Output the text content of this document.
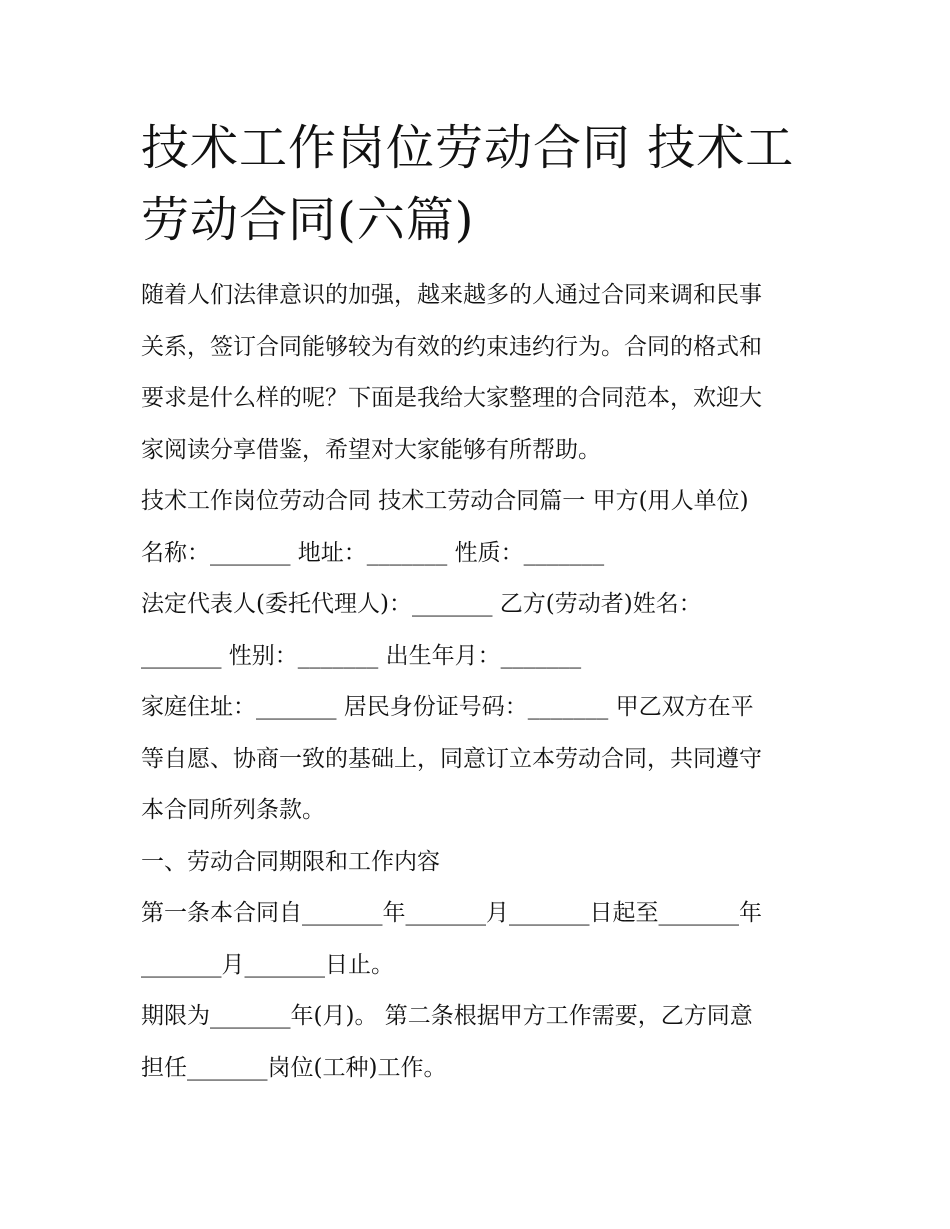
技术工作岗位劳动合同 技术工
劳动合同(六篇)

随着人们法律意识的加强，越来越多的人通过合同来调和民事

关系，签订合同能够较为有效的约束违约行为。合同的格式和

要求是什么样的呢？下面是我给大家整理的合同范本，欢迎大

家阅读分享借鉴，希望对大家能够有所帮助。

技术工作岗位劳动合同 技术工劳动合同篇一 甲方(用人单位)

名称：_______ 地址：_______ 性质：_______

法定代表人(委托代理人)：_______ 乙方(劳动者)姓名：

_______ 性别：_______ 出生年月：_______

家庭住址：_______ 居民身份证号码：_______ 甲乙双方在平

等自愿、协商一致的基础上，同意订立本劳动合同，共同遵守

本合同所列条款。

一、劳动合同期限和工作内容

第一条本合同自_______年_______月_______日起至_______年

_______月_______日止。

期限为_______年(月)。 第二条根据甲方工作需要，乙方同意

担任_______岗位(工种)工作。
